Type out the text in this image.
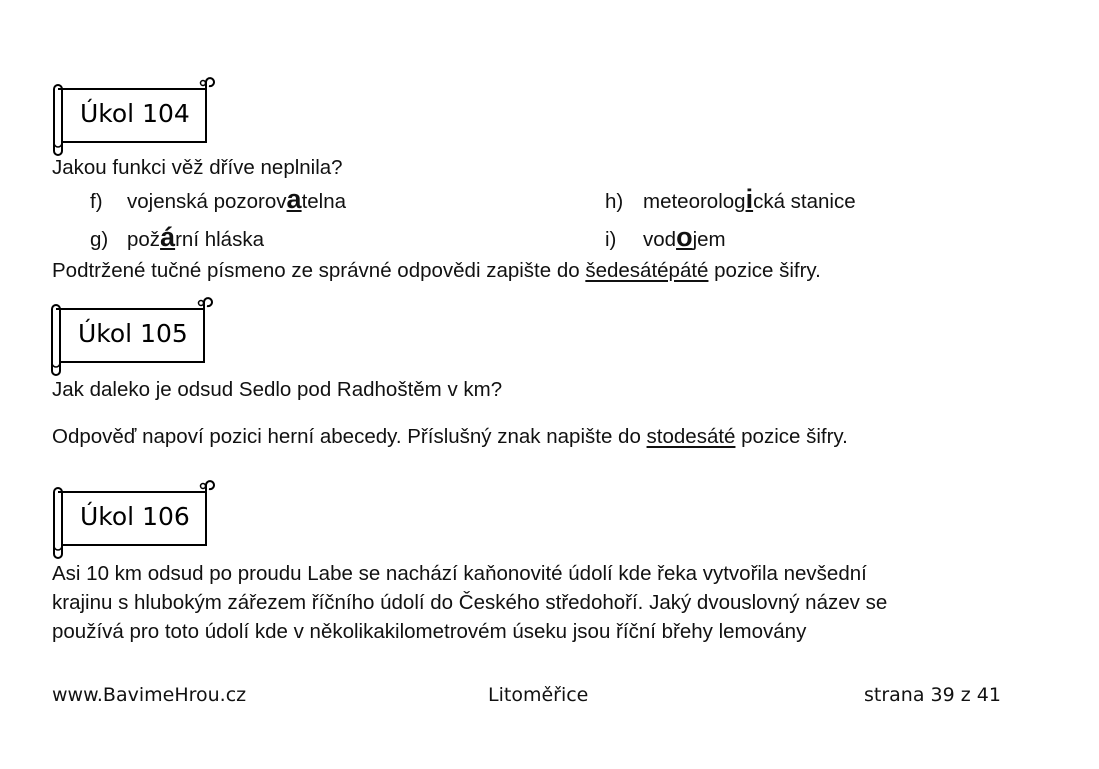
Úkol 104
Jakou funkci věž dříve neplnila?
f) vojenská pozorovatelna	h) meteorologická stanice
g) požární hláska	i) vodojem
Podtržené tučné písmeno ze správné odpovědi zapište do šedesátépáté pozice šifry.
Úkol 105
Jak daleko je odsud Sedlo pod Radhoštěm v km?
Odpověď napoví pozici herní abecedy. Příslušný znak napište do stodesáté pozice šifry.
Úkol 106
Asi 10 km odsud po proudu Labe se nachází kaňonovité údolí kde řeka vytvořila nevšední
krajinu s hlubokým zářezem říčního údolí do Českého středohoří. Jaký dvouslovný název se
používá pro toto údolí kde v několikakilometrovém úseku jsou říční břehy lemovány
www.BavimeHrou.cz	Litoměřice	strana 39 z 41
